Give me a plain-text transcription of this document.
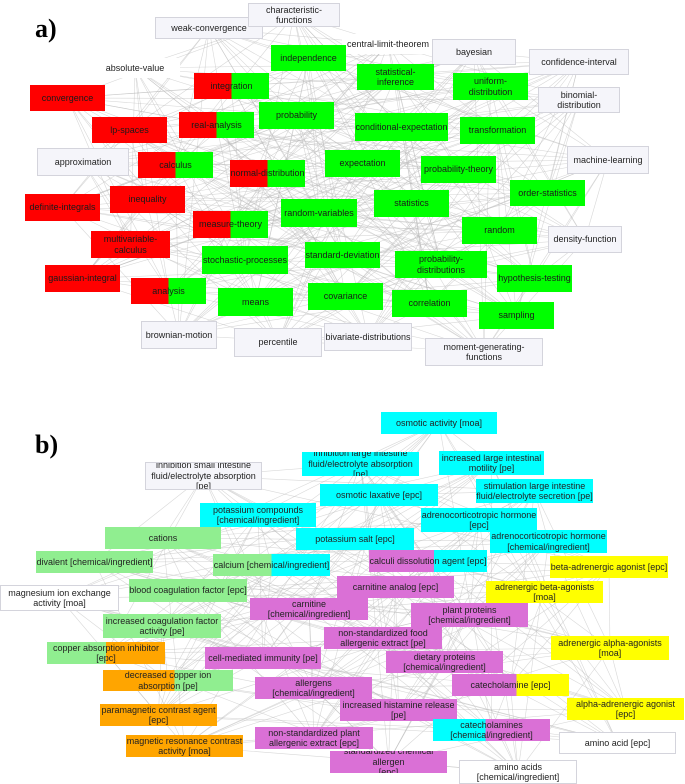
a)	weak-convergence
characteristic-functions
central-limit-theorem
bayesian
confidence-interval
absolute-value
independence
integration
statistical-inference	uniform-distribution	binomial-distribution
convergence
probability
real-analysis	conditional-expectation
lp-spaces	transformation
approximation	calculus
normal-distribution
expectation	machine-learning
probability-theory
order-statistics
definite-integrals
inequality	statistics
random-variables
measure-theory
random
density-function
multivariable-calculus
stochastic-processes standard-deviation	probability-distributions
gaussian-integral	hypothesis-testing
analysis
covariance
means	correlation
sampling
brownian-motion
percentile
bivariate-distributions
moment-generating-functions
b)
osmotic activity [moa]
inhibition small intestine
fluid/electrolyte absorption [pe]
inhibition large intestine
fluid/electrolyte absorption [pe]
increased large intestinal
motility [pe]
osmotic laxative [epc]
stimulation large intestine
fluid/electrolyte secretion [pe]
potassium compounds
[chemical/ingredient]
adrenocorticotropic hormone
[epc]
cations	potassium salt [epc]	adrenocorticotropic hormone
[chemical/ingredient]
divalent [chemical/ingredient]	calcium [chemical/ingredient]	calculi dissolution agent [epc]
beta-adrenergic agonist [epc]
magnesium ion exchange
activity [moa]
blood coagulation factor [epc]	carnitine analog [epc]	adrenergic beta-agonists [moa]
carnitine [chemical/ingredient]	plant proteins
[chemical/ingredient]
increased coagulation factor
activity [pe]	non-standardized food
allergenic extract [pe]
copper absorption inhibitor [epc]	cell-mediated immunity [pe]
adrenergic alpha-agonists
[moa]
dietary proteins
[chemical/ingredient]
decreased copper ion
absorption [pe]	catecholamine [epc]
allergens [chemical/ingredient]
paramagnetic contrast agent
[epc]
increased histamine release
[pe]
alpha-adrenergic agonist [epc]
catecholamines
[chemical/ingredient]
magnetic resonance contrast
activity [moa]
non-standardized plant
allergenic extract [epc]	amino acid [epc]
standardized chemical allergen
[epc]
amino acids
[chemical/ingredient]
